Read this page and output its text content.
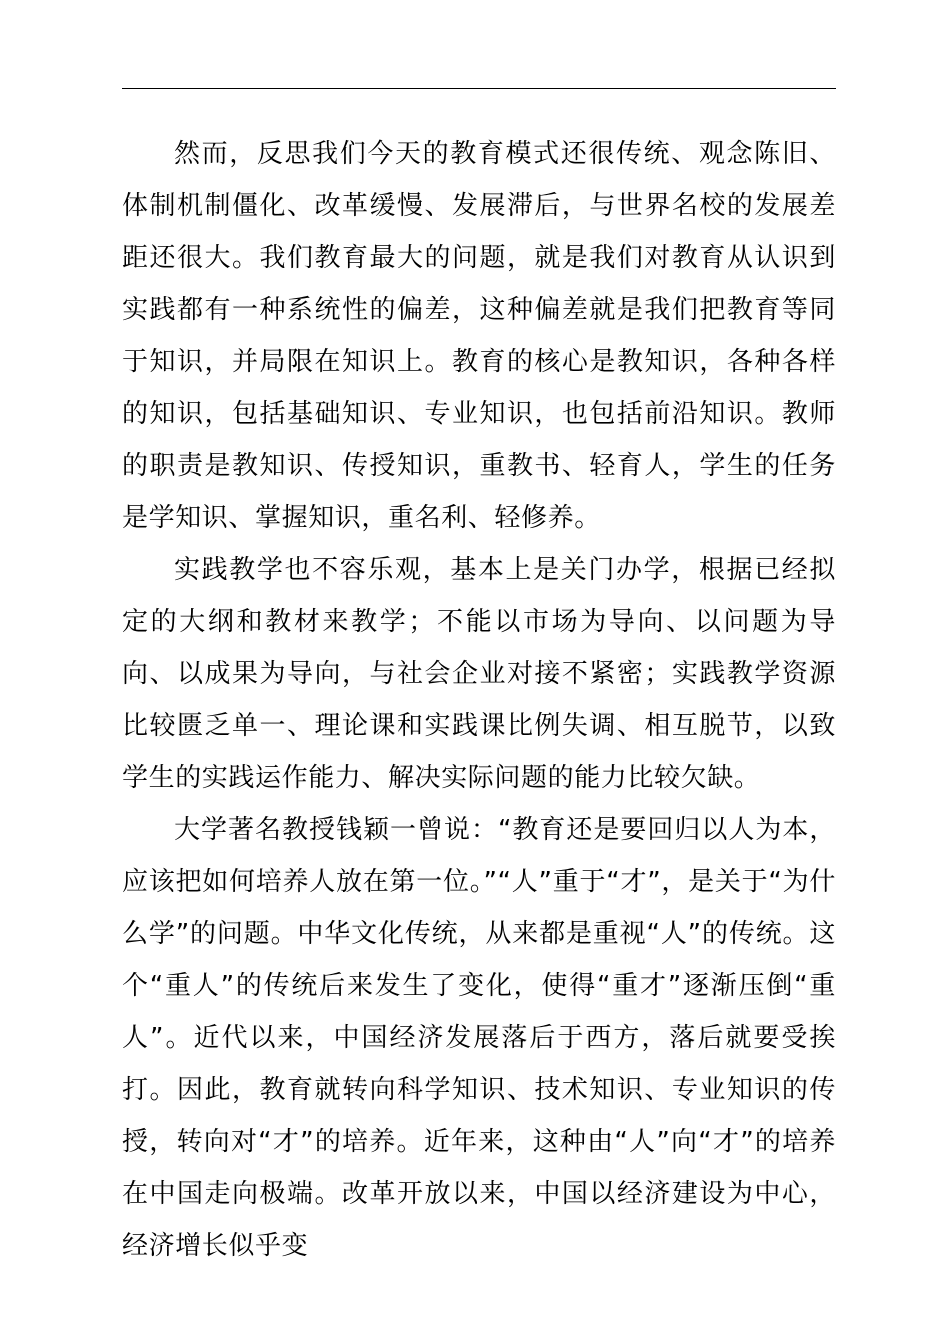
然而，反思我们今天的教育模式还很传统、观念陈旧、体制机制僵化、改革缓慢、发展滞后，与世界名校的发展差距还很大。我们教育最大的问题，就是我们对教育从认识到实践都有一种系统性的偏差，这种偏差就是我们把教育等同于知识，并局限在知识上。教育的核心是教知识，各种各样的知识，包括基础知识、专业知识，也包括前沿知识。教师的职责是教知识、传授知识，重教书、轻育人，学生的任务是学知识、掌握知识，重名利、轻修养。

实践教学也不容乐观，基本上是关门办学，根据已经拟定的大纲和教材来教学；不能以市场为导向、以问题为导向、以成果为导向，与社会企业对接不紧密；实践教学资源比较匮乏单一、理论课和实践课比例失调、相互脱节，以致学生的实践运作能力、解决实际问题的能力比较欠缺。

大学著名教授钱颖一曾说：“教育还是要回归以人为本，应该把如何培养人放在第一位。”“人”重于“才”，是关于“为什么学”的问题。中华文化传统，从来都是重视“人”的传统。这个“重人”的传统后来发生了变化，使得“重才”逐渐压倒“重人”。近代以来，中国经济发展落后于西方，落后就要受挨打。因此，教育就转向科学知识、技术知识、专业知识的传授，转向对“才”的培养。近年来，这种由“人”向“才”的培养在中国走向极端。改革开放以来，中国以经济建设为中心，经济增长似乎变
